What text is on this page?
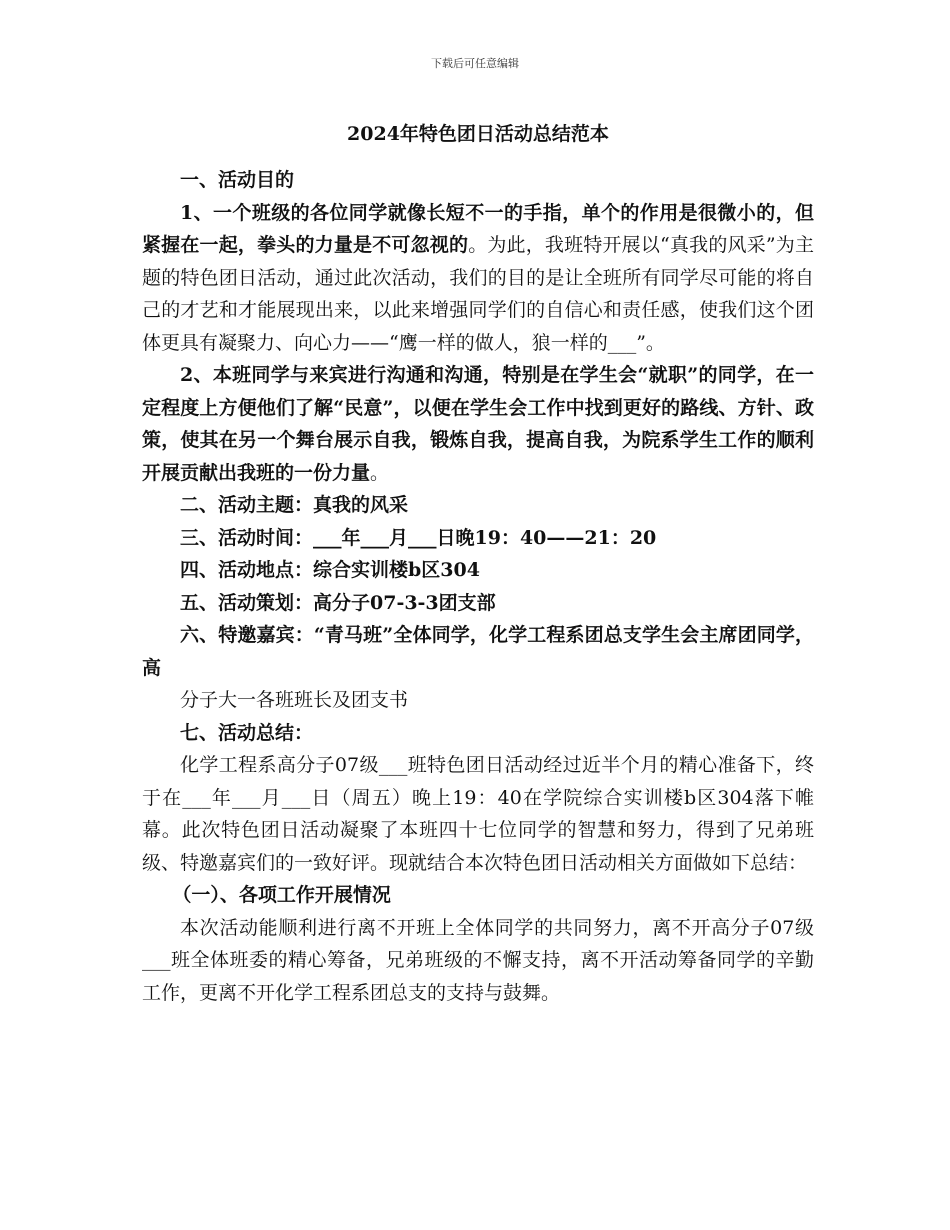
下载后可任意编辑
2024年特色团日活动总结范本

一、活动目的

1、一个班级的各位同学就像长短不一的手指，单个的作用是很微小的，但紧握在一起，拳头的力量是不可忽视的。为此，我班特开展以“真我的风采”为主题的特色团日活动，通过此次活动，我们的目的是让全班所有同学尽可能的将自己的才艺和才能展现出来，以此来增强同学们的自信心和责任感，使我们这个团体更具有凝聚力、向心力——“鹰一样的做人，狼一样的___”。

2、本班同学与来宾进行沟通和沟通，特别是在学生会“就职”的同学，在一定程度上方便他们了解“民意”，以便在学生会工作中找到更好的路线、方针、政策，使其在另一个舞台展示自我，锻炼自我，提高自我，为院系学生工作的顺利开展贡献出我班的一份力量。

二、活动主题：真我的风采

三、活动时间：___年___月___日晚19：40——21：20

四、活动地点：综合实训楼b区304

五、活动策划：高分子07-3-3团支部

六、特邀嘉宾：“青马班”全体同学，化学工程系团总支学生会主席团同学，高

分子大一各班班长及团支书

七、活动总结：

化学工程系高分子07级___班特色团日活动经过近半个月的精心准备下，终于在___年___月___日（周五）晚上19：40在学院综合实训楼b区304落下帷幕。此次特色团日活动凝聚了本班四十七位同学的智慧和努力，得到了兄弟班级、特邀嘉宾们的一致好评。现就结合本次特色团日活动相关方面做如下总结：

（一）、各项工作开展情况

本次活动能顺利进行离不开班上全体同学的共同努力，离不开高分子07级___班全体班委的精心筹备，兄弟班级的不懈支持，离不开活动筹备同学的辛勤工作，更离不开化学工程系团总支的支持与鼓舞。
